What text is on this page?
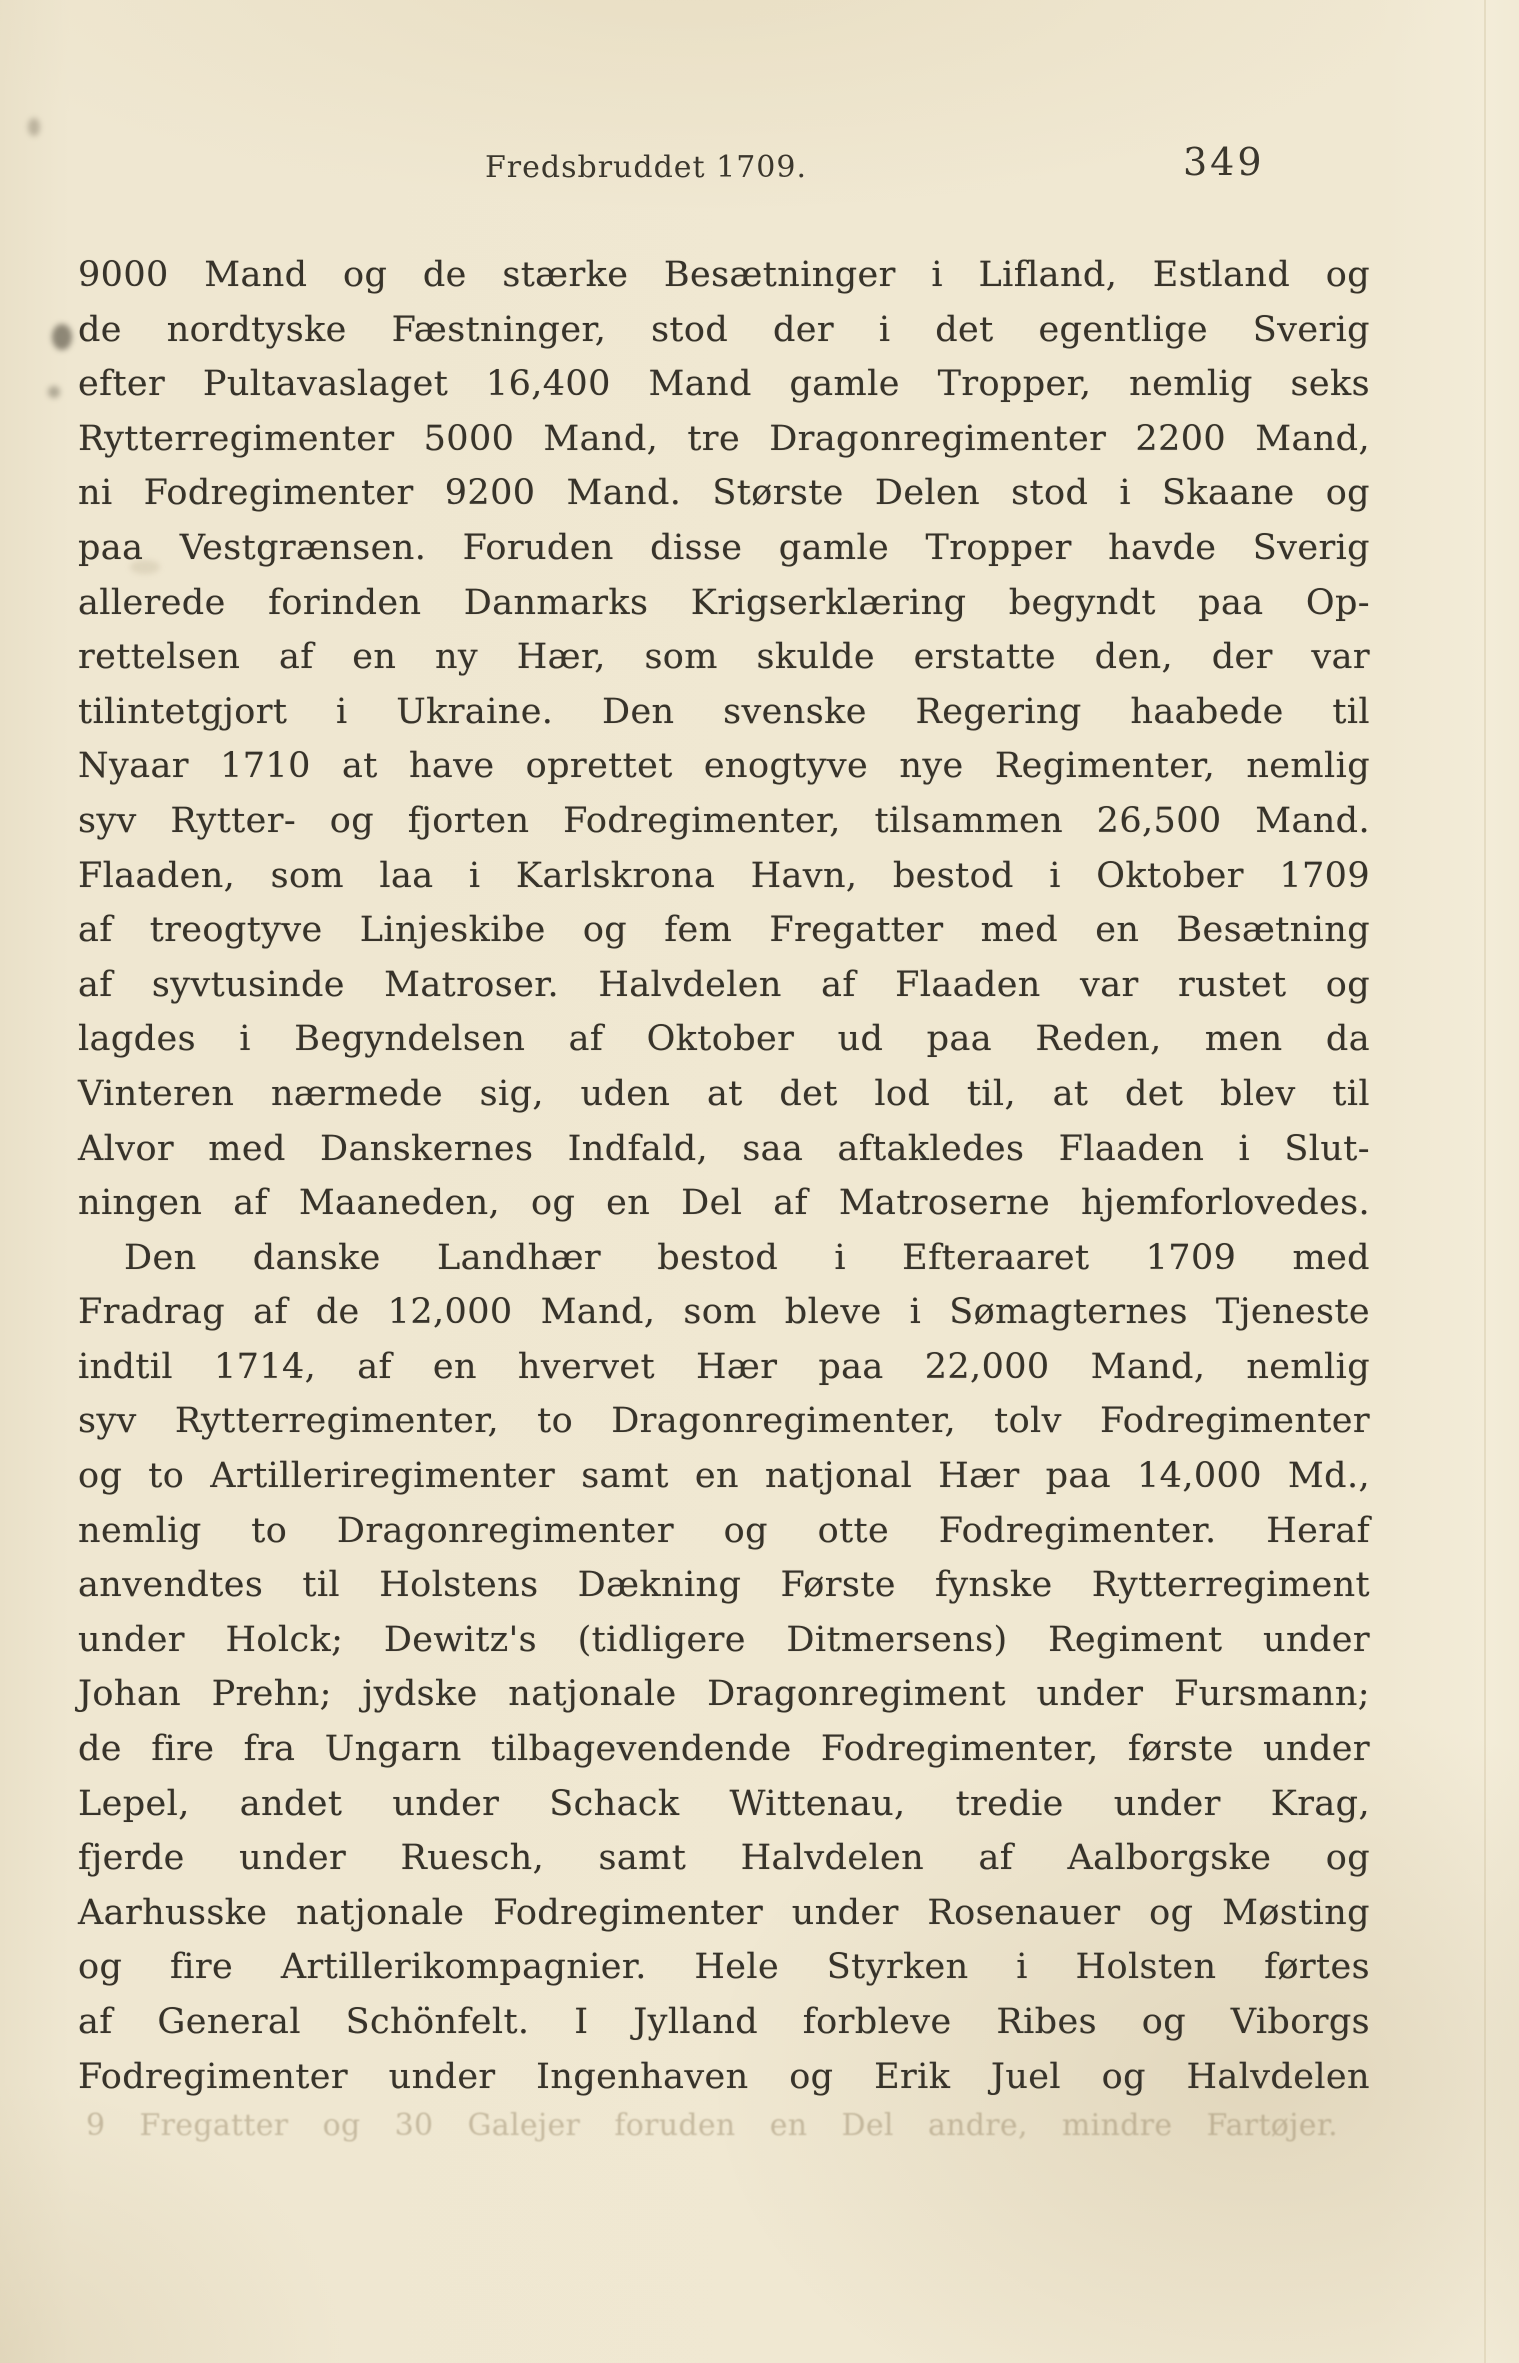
Fredsbruddet 1709.	349
9000 Mand og de stærke Besætninger i Lifland, Estland og
de nordtyske Fæstninger, stod der i det egentlige Sverig
efter Pultavaslaget 16,400 Mand gamle Tropper, nemlig seks
Rytterregimenter 5000 Mand, tre Dragonregimenter 2200 Mand,
ni Fodregimenter 9200 Mand. Største Delen stod i Skaane og
paa Vestgrænsen. Foruden disse gamle Tropper havde Sverig
allerede forinden Danmarks Krigserklæring begyndt paa Op-
rettelsen af en ny Hær, som skulde erstatte den, der var
tilintetgjort i Ukraine. Den svenske Regering haabede til
Nyaar 1710 at have oprettet enogtyve nye Regimenter, nemlig
syv Rytter- og fjorten Fodregimenter, tilsammen 26,500 Mand.
Flaaden, som laa i Karlskrona Havn, bestod i Oktober 1709
af treogtyve Linjeskibe og fem Fregatter med en Besætning
af syvtusinde Matroser. Halvdelen af Flaaden var rustet og
lagdes i Begyndelsen af Oktober ud paa Reden, men da
Vinteren nærmede sig, uden at det lod til, at det blev til
Alvor med Danskernes Indfald, saa aftakledes Flaaden i Slut-
ningen af Maaneden, og en Del af Matroserne hjemforlovedes.
Den danske Landhær bestod i Efteraaret 1709 med
Fradrag af de 12,000 Mand, som bleve i Sømagternes Tjeneste
indtil 1714, af en hvervet Hær paa 22,000 Mand, nemlig
syv Rytterregimenter, to Dragonregimenter, tolv Fodregimenter
og to Artilleriregimenter samt en natjonal Hær paa 14,000 Md.,
nemlig to Dragonregimenter og otte Fodregimenter. Heraf
anvendtes til Holstens Dækning Første fynske Rytterregiment
under Holck; Dewitz's (tidligere Ditmersens) Regiment under
Johan Prehn; jydske natjonale Dragonregiment under Fursmann;
de fire fra Ungarn tilbagevendende Fodregimenter, første under
Lepel, andet under Schack Wittenau, tredie under Krag,
fjerde under Ruesch, samt Halvdelen af Aalborgske og
Aarhusske natjonale Fodregimenter under Rosenauer og Møsting
og fire Artillerikompagnier. Hele Styrken i Holsten førtes
af General Schönfelt. I Jylland forbleve Ribes og Viborgs
Fodregimenter under Ingenhaven og Erik Juel og Halvdelen
9 Fregatter og 30 Galejer foruden en Del andre, mindre Fartøjer.
